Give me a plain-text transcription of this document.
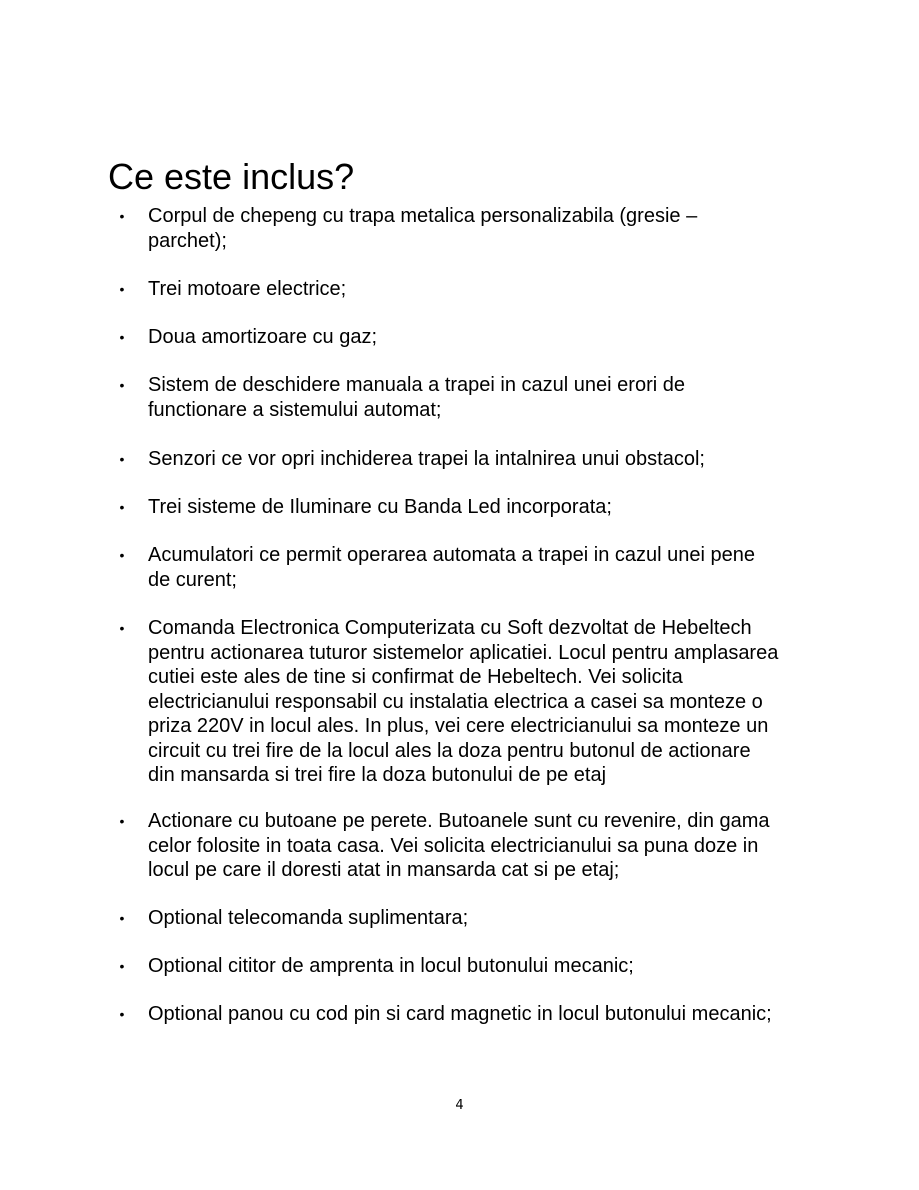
Ce este inclus?
• Corpul de chepeng cu trapa metalica personalizabila (gresie –
parchet);
• Trei motoare electrice;
• Doua amortizoare cu gaz;
• Sistem de deschidere manuala a trapei in cazul unei erori de
functionare a sistemului automat;
• Senzori ce vor opri inchiderea trapei la intalnirea unui obstacol;
• Trei sisteme de Iluminare cu Banda Led incorporata;
• Acumulatori ce permit operarea automata a trapei in cazul unei pene
de curent;
• Comanda Electronica Computerizata cu Soft dezvoltat de Hebeltech
pentru actionarea tuturor sistemelor aplicatiei. Locul pentru amplasarea
cutiei este ales de tine si confirmat de Hebeltech. Vei solicita
electricianului responsabil cu instalatia electrica a casei sa monteze o
priza 220V in locul ales. In plus, vei cere electricianului sa monteze un
circuit cu trei fire de la locul ales la doza pentru butonul de actionare
din mansarda si trei fire la doza butonului de pe etaj
• Actionare cu butoane pe perete. Butoanele sunt cu revenire, din gama
celor folosite in toata casa. Vei solicita electricianului sa puna doze in
locul pe care il doresti atat in mansarda cat si pe etaj;
• Optional telecomanda suplimentara;
• Optional cititor de amprenta in locul butonului mecanic;
• Optional panou cu cod pin si card magnetic in locul butonului mecanic;
4
